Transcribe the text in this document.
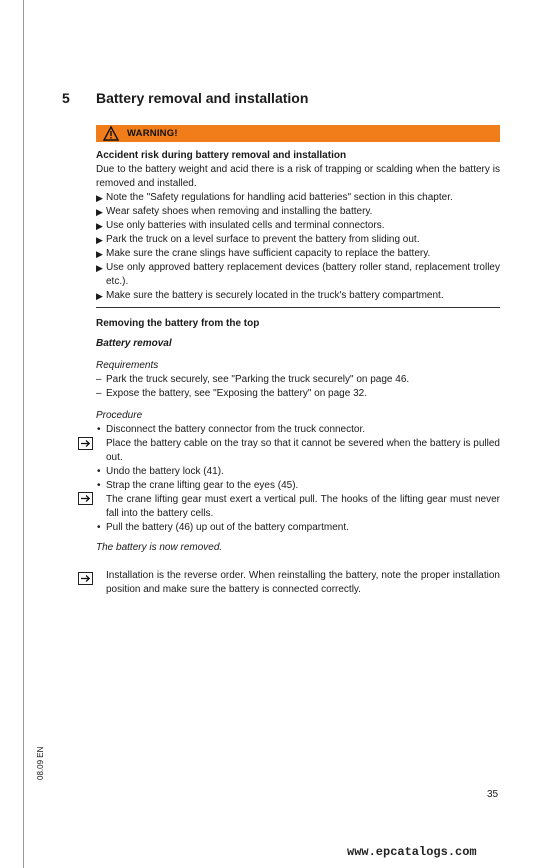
5 Battery removal and installation
WARNING!
Accident risk during battery removal and installation

Due to the battery weight and acid there is a risk of trapping or scalding when the battery is removed and installed.

▶ Note the "Safety regulations for handling acid batteries" section in this chapter.

▶ Wear safety shoes when removing and installing the battery.

▶ Use only batteries with insulated cells and terminal connectors.

▶ Park the truck on a level surface to prevent the battery from sliding out.

▶ Make sure the crane slings have sufficient capacity to replace the battery.

▶ Use only approved battery replacement devices (battery roller stand, replacement trolley etc.).

▶ Make sure the battery is securely located in the truck's battery compartment.

Removing the battery from the top
Battery removal
Requirements
– Park the truck securely, see "Parking the truck securely" on page 46.
– Expose the battery, see "Exposing the battery" on page 32.
Procedure
• Disconnect the battery connector from the truck connector.
Place the battery cable on the tray so that it cannot be severed when the battery is pulled out.
• Undo the battery lock (41).
• Strap the crane lifting gear to the eyes (45).
The crane lifting gear must exert a vertical pull. The hooks of the lifting gear must never fall into the battery cells.
• Pull the battery (46) up out of the battery compartment.
The battery is now removed.
Installation is the reverse order. When reinstalling the battery, note the proper installation position and make sure the battery is connected correctly.
08.09 EN
35
www.epcatalogs.com
